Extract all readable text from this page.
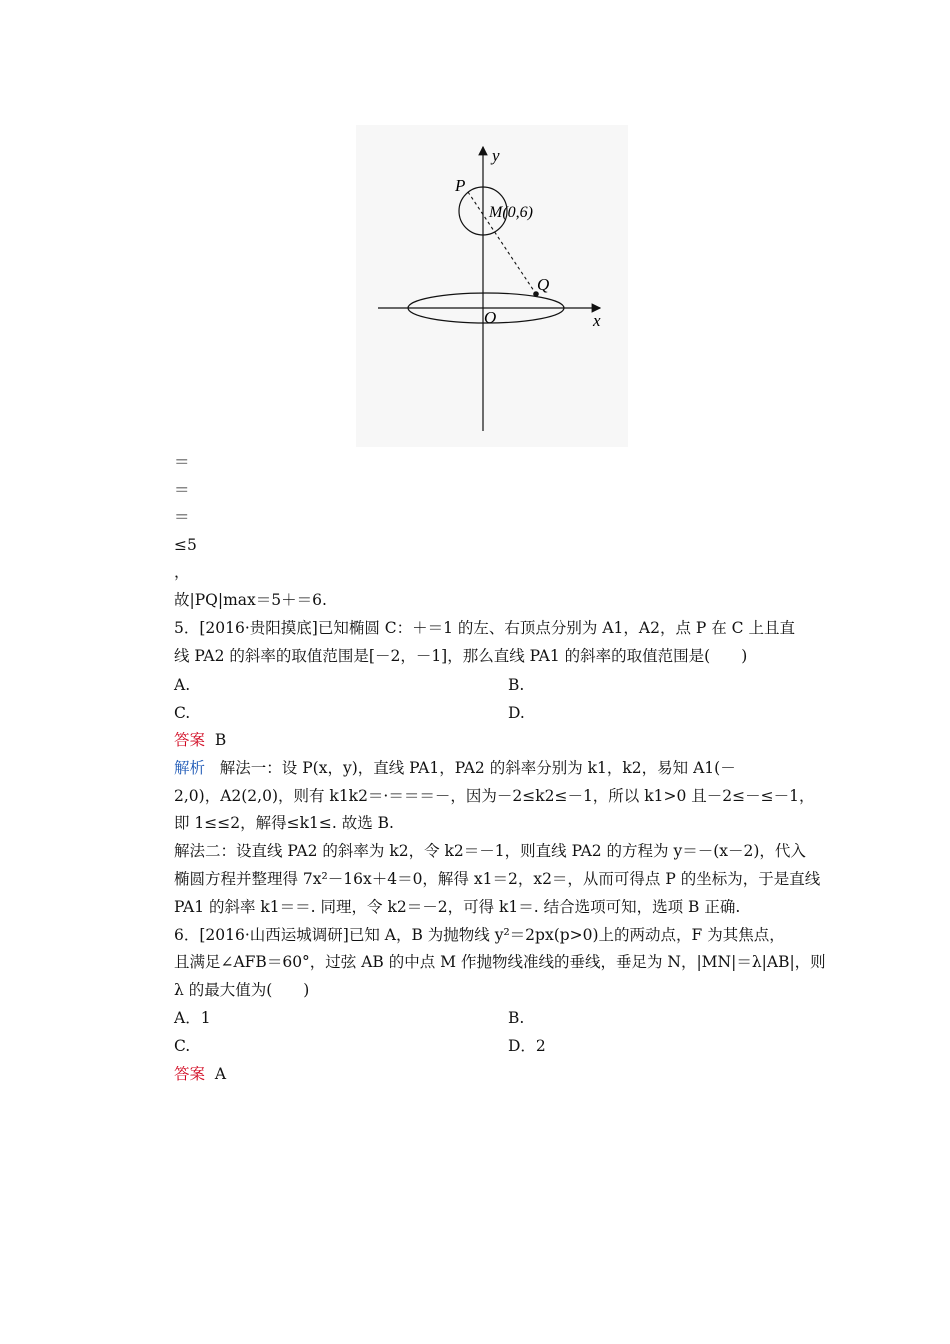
y
x
O
P
Q
M(0,6)
＝
＝
＝
≤5
，
故|PQ|max＝5＋＝6.
5．[2016·贵阳摸底]已知椭圆 C：＋＝1 的左、右顶点分别为 A1，A2，点 P 在 C 上且直
线 PA2 的斜率的取值范围是[－2，－1]，那么直线 PA1 的斜率的取值范围是(　　)
A.	B.
C.	D.
答案 B
解析 解法一：设 P(x，y)，直线 PA1，PA2 的斜率分别为 k1，k2，易知 A1(－
2,0)，A2(2,0)，则有 k1k2＝·＝＝＝－，因为－2≤k2≤－1，所以 k1>0 且－2≤－≤－1，
即 1≤≤2，解得≤k1≤. 故选 B.
解法二：设直线 PA2 的斜率为 k2，令 k2＝－1，则直线 PA2 的方程为 y＝－(x－2)，代入
椭圆方程并整理得 7x²－16x＋4＝0，解得 x1＝2，x2＝，从而可得点 P 的坐标为，于是直线
PA1 的斜率 k1＝＝. 同理，令 k2＝－2，可得 k1＝. 结合选项可知，选项 B 正确.
6．[2016·山西运城调研]已知 A，B 为抛物线 y²＝2px(p>0)上的两动点，F 为其焦点，
且满足∠AFB＝60°，过弦 AB 的中点 M 作抛物线准线的垂线，垂足为 N，|MN|＝λ|AB|，则
λ 的最大值为(　　)
A．1	B.
C.	D．2
答案 A
